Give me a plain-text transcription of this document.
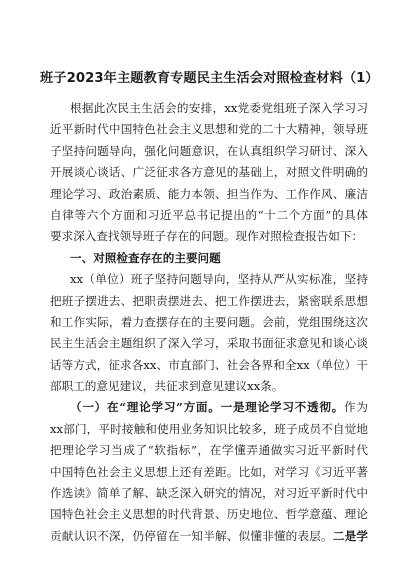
班子2023年主题教育专题民主生活会对照检查材料（1）
根据此次民主生活会的安排，xx党委党组班子深入学习习
近平新时代中国特色社会主义思想和党的二十大精神，领导班
子坚持问题导向，强化问题意识，在认真组织学习研讨、深入
开展谈心谈话、广泛征求各方意见的基础上，对照文件明确的
理论学习、政治素质、能力本领、担当作为、工作作风、廉洁
自律等六个方面和习近平总书记提出的“十二个方面”的具体
要求深入查找领导班子存在的问题。现作对照检查报告如下：
一、对照检查存在的主要问题
xx（单位）班子坚持问题导向，坚持从严从实标准，坚持
把班子摆进去、把职责摆进去、把工作摆进去，紧密联系思想
和工作实际，着力查摆存在的主要问题。会前，党组围绕这次
民主生活会主题组织了深入学习，采取书面征求意见和谈心谈
话等方式，征求各xx、市直部门、社会各界和全xx（单位）干
部职工的意见建议，共征求到意见建议xx条。
（一）在“理论学习”方面。一是理论学习不透彻。作为
xx部门，平时接触和使用业务知识比较多，班子成员不自觉地
把理论学习当成了“软指标”，在学懂弄通做实习近平新时代
中国特色社会主义思想上还有差距。比如，对学习《习近平著
作选读》简单了解、缺乏深入研究的情况，对习近平新时代中
国特色社会主义思想的时代背景、历史地位、哲学意蕴、理论
贡献认识不深，仍停留在一知半解、似懂非懂的表层。二是学
